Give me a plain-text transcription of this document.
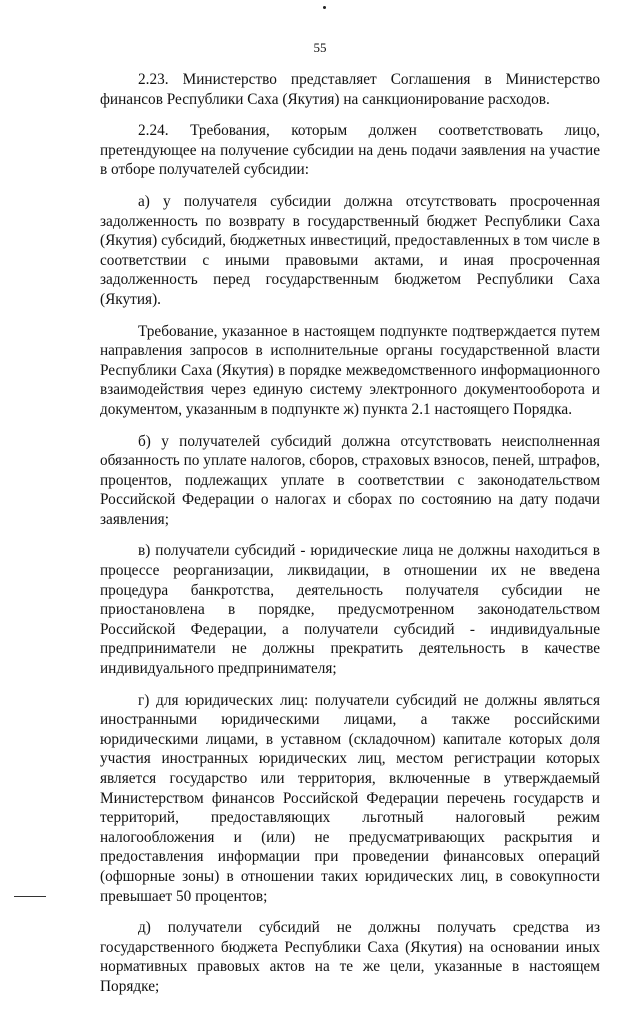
55

2.23. Министерство представляет Соглашения в Министерство финансов Республики Саха (Якутия) на санкционирование расходов.

2.24. Требования, которым должен соответствовать лицо, претендующее на получение субсидии на день подачи заявления на участие в отборе получателей субсидии:

а) у получателя субсидии должна отсутствовать просроченная задолженность по возврату в государственный бюджет Республики Саха (Якутия) субсидий, бюджетных инвестиций, предоставленных в том числе в соответствии с иными правовыми актами, и иная просроченная задолженность перед государственным бюджетом Республики Саха (Якутия).

Требование, указанное в настоящем подпункте подтверждается путем направления запросов в исполнительные органы государственной власти Республики Саха (Якутия) в порядке межведомственного информационного взаимодействия через единую систему электронного документооборота и документом, указанным в подпункте ж) пункта 2.1 настоящего Порядка.

б) у получателей субсидий должна отсутствовать неисполненная обязанность по уплате налогов, сборов, страховых взносов, пеней, штрафов, процентов, подлежащих уплате в соответствии с законодательством Российской Федерации о налогах и сборах по состоянию на дату подачи заявления;

в) получатели субсидий - юридические лица не должны находиться в процессе реорганизации, ликвидации, в отношении их не введена процедура банкротства, деятельность получателя субсидии не приостановлена в порядке, предусмотренном законодательством Российской Федерации, а получатели субсидий - индивидуальные предприниматели не должны прекратить деятельность в качестве индивидуального предпринимателя;

г) для юридических лиц: получатели субсидий не должны являться иностранными юридическими лицами, а также российскими юридическими лицами, в уставном (складочном) капитале которых доля участия иностранных юридических лиц, местом регистрации которых является государство или территория, включенные в утверждаемый Министерством финансов Российской Федерации перечень государств и территорий, предоставляющих льготный налоговый режим налогообложения и (или) не предусматривающих раскрытия и предоставления информации при проведении финансовых операций (офшорные зоны) в отношении таких юридических лиц, в совокупности превышает 50 процентов;

д) получатели субсидий не должны получать средства из государственного бюджета Республики Саха (Якутия) на основании иных нормативных правовых актов на те же цели, указанные в настоящем Порядке;
